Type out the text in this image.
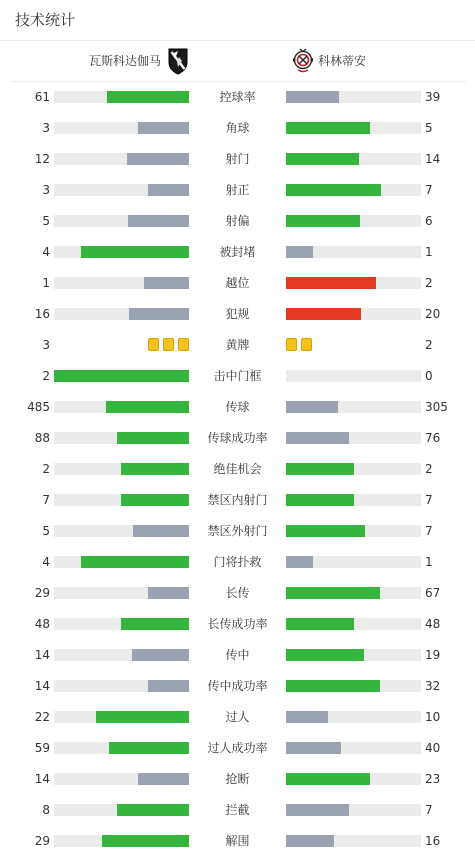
技术统计
瓦斯科达伽马	科林蒂安
61	控球率	39
3	角球	5
12	射门	14
3	射正	7
5	射偏	6
4	被封堵	1
1	越位	2
16	犯规	20
3	黄牌	2
2	击中门框	0
485	传球	305
88	传球成功率	76
2	绝佳机会	2
7	禁区内射门	7
5	禁区外射门	7
4	门将扑救	1
29	长传	67
48	长传成功率	48
14	传中	19
14	传中成功率	32
22	过人	10
59	过人成功率	40
14	抢断	23
8	拦截	7
29	解围	16
